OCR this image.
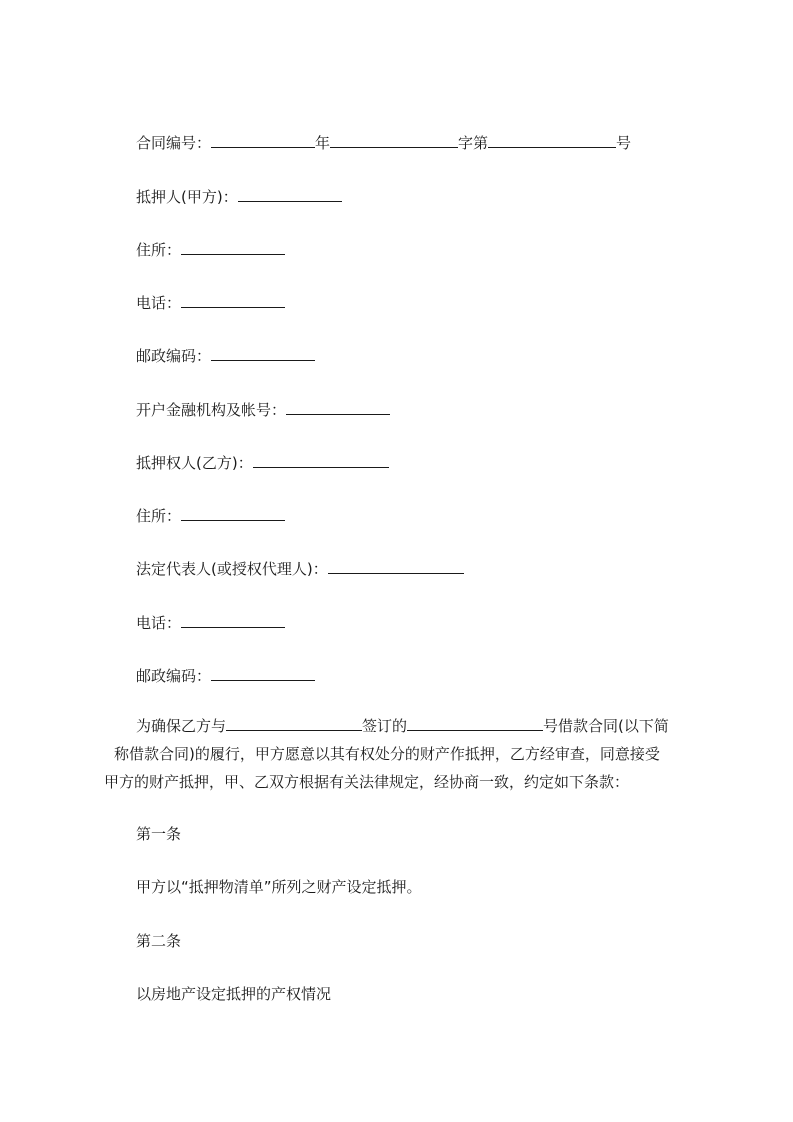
合同编号：	年	字第	号
抵押人(甲方)：
住所：
电话：
邮政编码：
开户金融机构及帐号：
抵押权人(乙方)：
住所：
法定代表人(或授权代理人)：
电话：
邮政编码：
为确保乙方与	签订的	号借款合同(以下简
称借款合同)的履行，甲方愿意以其有权处分的财产作抵押，乙方经审查，同意接受
甲方的财产抵押，甲、乙双方根据有关法律规定，经协商一致，约定如下条款：
第一条
甲方以“抵押物清单”所列之财产设定抵押。
第二条
以房地产设定抵押的产权情况
